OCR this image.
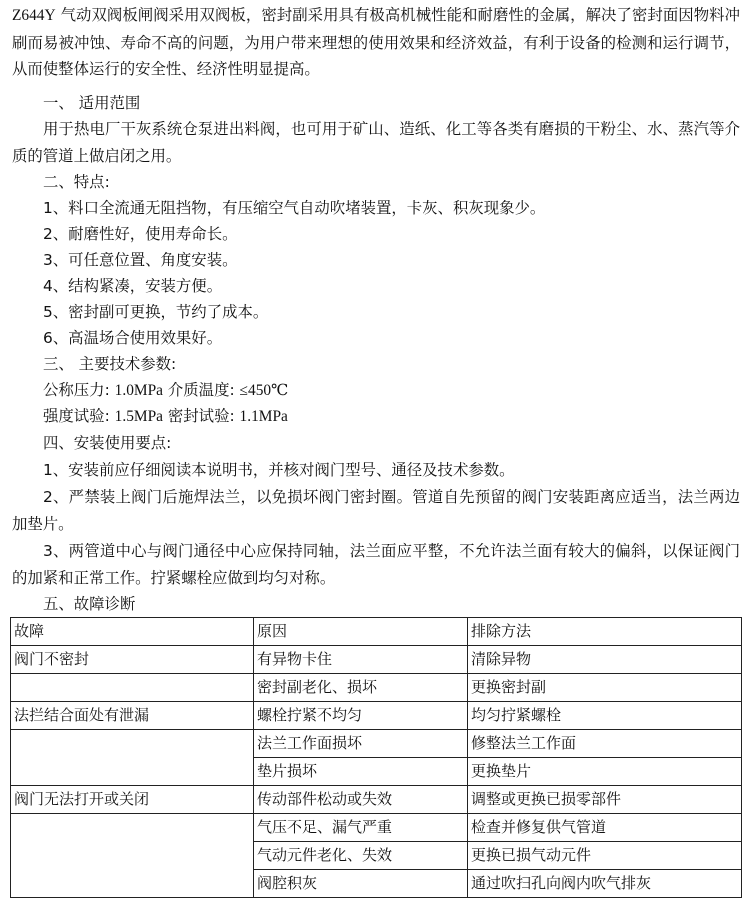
Z644Y 气动双阀板闸阀采用双阀板，密封副采用具有极高机械性能和耐磨性的金属，解决了密封面因物料冲刷而易被冲蚀、寿命不高的问题，为用户带来理想的使用效果和经济效益，有利于设备的检测和运行调节，从而使整体运行的安全性、经济性明显提高。

一、 适用范围

用于热电厂干灰系统仓泵进出料阀，也可用于矿山、造纸、化工等各类有磨损的干粉尘、水、蒸汽等介质的管道上做启闭之用。

二、特点:

1、料口全流通无阻挡物，有压缩空气自动吹堵装置，卡灰、积灰现象少。

2、耐磨性好，使用寿命长。

3、可任意位置、角度安装。

4、结构紧凑，安装方便。

5、密封副可更换，节约了成本。

6、高温场合使用效果好。

三、 主要技术参数:

公称压力: 1.0MPa 介质温度: ≤450℃

强度试验: 1.5MPa 密封试验: 1.1MPa

四、安装使用要点:

1、安装前应仔细阅读本说明书，并核对阀门型号、通径及技术参数。

2、严禁装上阀门后施焊法兰，以免损坏阀门密封圈。管道自先预留的阀门安装距离应适当，法兰两边加垫片。

3、两管道中心与阀门通径中心应保持同轴，法兰面应平整，不允许法兰面有较大的偏斜，以保证阀门的加紧和正常工作。拧紧螺栓应做到均匀对称。

五、故障诊断

故障	原因	排除方法
阀门不密封	有异物卡住	清除异物
	密封副老化、损坏	更换密封副
法拦结合面处有泄漏	螺栓拧紧不均匀	均匀拧紧螺栓
	法兰工作面损坏	修整法兰工作面
	垫片损坏	更换垫片
阀门无法打开或关闭	传动部件松动或失效	调整或更换已损零部件
	气压不足、漏气严重	检查并修复供气管道
	气动元件老化、失效	更换已损气动元件
	阀腔积灰	通过吹扫孔向阀内吹气排灰
